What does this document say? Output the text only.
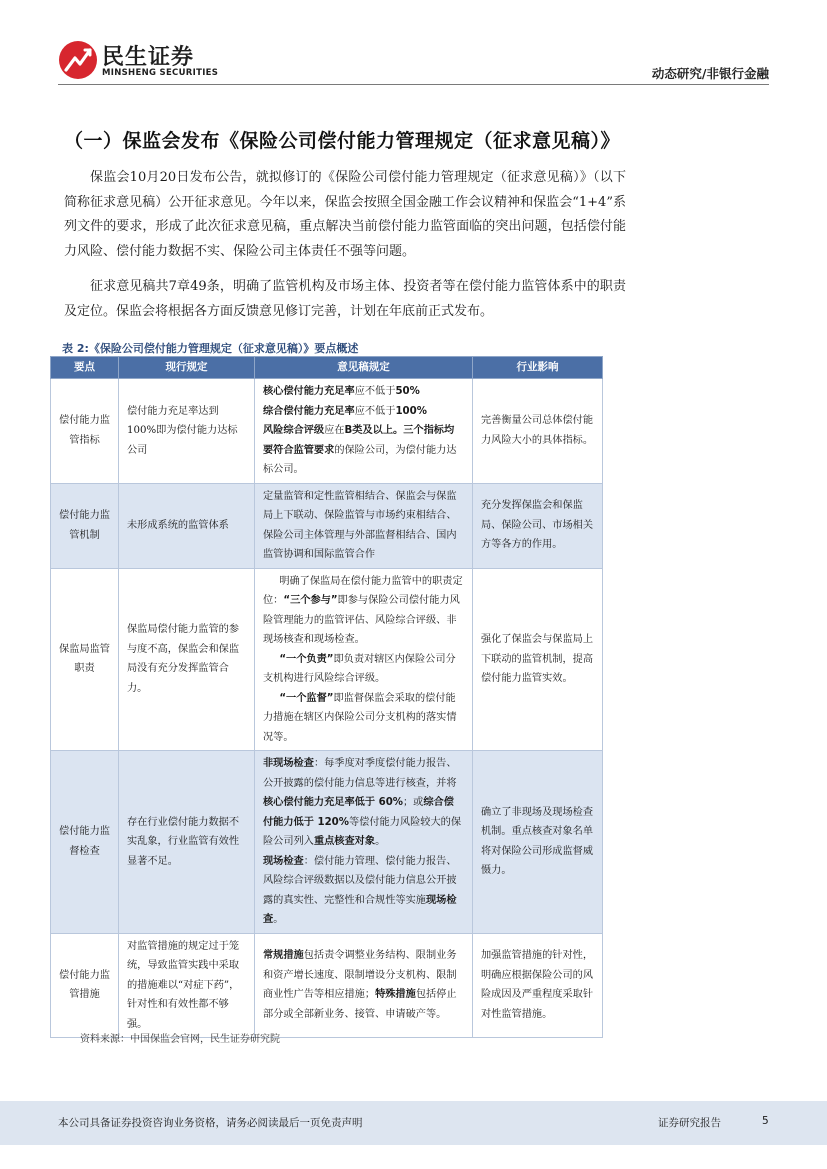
民生证券
MINSHENG SECURITIES	动态研究/非银行金融
（一）保监会发布《保险公司偿付能力管理规定（征求意见稿）》
保监会10月20日发布公告，就拟修订的《保险公司偿付能力管理规定（征求意见稿）》（以下简称征求意见稿）公开征求意见。今年以来，保监会按照全国金融工作会议精神和保监会“1+4”系列文件的要求，形成了此次征求意见稿，重点解决当前偿付能力监管面临的突出问题，包括偿付能力风险、偿付能力数据不实、保险公司主体责任不强等问题。
征求意见稿共7章49条，明确了监管机构及市场主体、投资者等在偿付能力监管体系中的职责及定位。保监会将根据各方面反馈意见修订完善，计划在年底前正式发布。
表 2:《保险公司偿付能力管理规定（征求意见稿）》要点概述
要点	现行规定	意见稿规定	行业影响
偿付能力监管指标	偿付能力充足率达到100%即为偿付能力达标公司	核心偿付能力充足率应不低于50%
综合偿付能力充足率应不低于100%
风险综合评级应在B类及以上。三个指标均要符合监管要求的保险公司，为偿付能力达标公司。	完善衡量公司总体偿付能力风险大小的具体指标。
偿付能力监管机制	未形成系统的监管体系	定量监管和定性监管相结合、保监会与保监局上下联动、保险监管与市场约束相结合、保险公司主体管理与外部监督相结合、国内监管协调和国际监管合作	充分发挥保监会和保监局、保险公司、市场相关方等各方的作用。
保监局监管职责	保监局偿付能力监管的参与度不高，保监会和保监局没有充分发挥监管合力。	明确了保监局在偿付能力监管中的职责定位：“三个参与”即参与保险公司偿付能力风险管理能力的监管评估、风险综合评级、非现场核查和现场检查。
“一个负责”即负责对辖区内保险公司分支机构进行风险综合评级。
“一个监督”即监督保监会采取的偿付能力措施在辖区内保险公司分支机构的落实情况等。	强化了保监会与保监局上下联动的监管机制，提高偿付能力监管实效。
偿付能力监督检查	存在行业偿付能力数据不实乱象，行业监管有效性显著不足。	非现场检查：每季度对季度偿付能力报告、公开披露的偿付能力信息等进行核查，并将核心偿付能力充足率低于 60%；或综合偿付能力低于 120%等偿付能力风险较大的保险公司列入重点核查对象。
现场检查：偿付能力管理、偿付能力报告、风险综合评级数据以及偿付能力信息公开披露的真实性、完整性和合规性等实施现场检查。	确立了非现场及现场检查机制。重点核查对象名单将对保险公司形成监督威慑力。
偿付能力监管措施	对监管措施的规定过于笼统，导致监管实践中采取的措施难以“对症下药”，针对性和有效性都不够强。	常规措施包括责令调整业务结构、限制业务和资产增长速度、限制增设分支机构、限制商业性广告等相应措施；特殊措施包括停止部分或全部新业务、接管、申请破产等。	加强监管措施的针对性，明确应根据保险公司的风险成因及严重程度采取针对性监管措施。
资料来源：中国保监会官网，民生证券研究院
本公司具备证券投资咨询业务资格，请务必阅读最后一页免责声明	证券研究报告	5
